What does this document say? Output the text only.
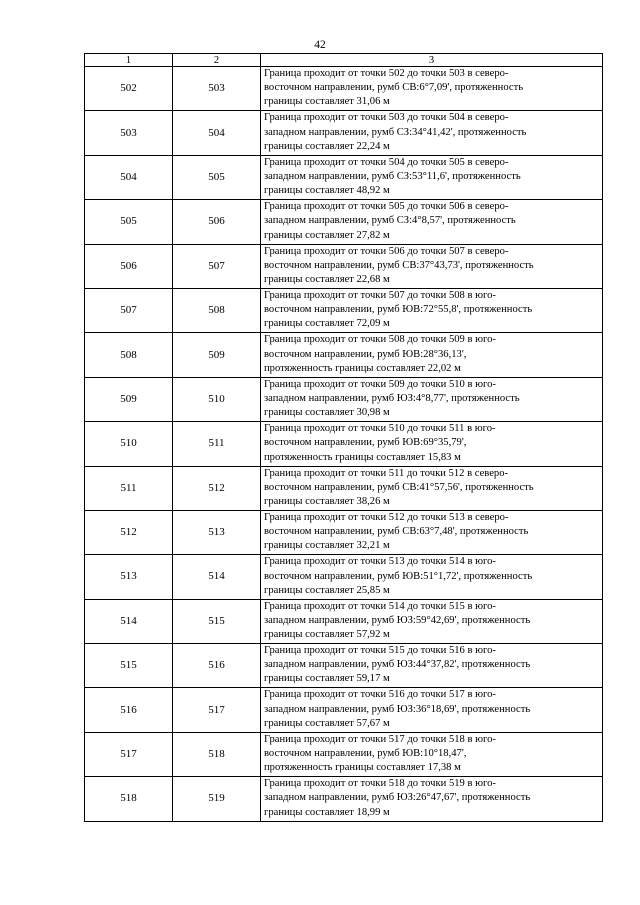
42
1	2	3
502	503	Граница проходит от точки 502 до точки 503 в северо-
восточном направлении, румб СВ:6°7,09', протяженность
границы составляет 31,06 м

503	504	Граница проходит от точки 503 до точки 504 в северо-
западном направлении, румб СЗ:34°41,42', протяженность
границы составляет 22,24 м

504	505	Граница проходит от точки 504 до точки 505 в северо-
западном направлении, румб СЗ:53°11,6', протяженность
границы составляет 48,92 м

505	506	Граница проходит от точки 505 до точки 506 в северо-
западном направлении, румб СЗ:4°8,57', протяженность
границы составляет 27,82 м

506	507	Граница проходит от точки 506 до точки 507 в северо-
восточном направлении, румб СВ:37°43,73', протяженность
границы составляет 22,68 м

507	508	Граница проходит от точки 507 до точки 508 в юго-
восточном направлении, румб ЮВ:72°55,8', протяженность
границы составляет 72,09 м

508	509	Граница проходит от точки 508 до точки 509 в юго-
восточном направлении, румб ЮВ:28°36,13',
протяженность границы составляет 22,02 м

509	510	Граница проходит от точки 509 до точки 510 в юго-
западном направлении, румб ЮЗ:4°8,77', протяженность
границы составляет 30,98 м

510	511	Граница проходит от точки 510 до точки 511 в юго-
восточном направлении, румб ЮВ:69°35,79',
протяженность границы составляет 15,83 м

511	512	Граница проходит от точки 511 до точки 512 в северо-
восточном направлении, румб СВ:41°57,56', протяженность
границы составляет 38,26 м

512	513	Граница проходит от точки 512 до точки 513 в северо-
восточном направлении, румб СВ:63°7,48', протяженность
границы составляет 32,21 м

513	514	Граница проходит от точки 513 до точки 514 в юго-
восточном направлении, румб ЮВ:51°1,72', протяженность
границы составляет 25,85 м

514	515	Граница проходит от точки 514 до точки 515 в юго-
западном направлении, румб ЮЗ:59°42,69', протяженность
границы составляет 57,92 м

515	516	Граница проходит от точки 515 до точки 516 в юго-
западном направлении, румб ЮЗ:44°37,82', протяженность
границы составляет 59,17 м

516	517	Граница проходит от точки 516 до точки 517 в юго-
западном направлении, румб ЮЗ:36°18,69', протяженность
границы составляет 57,67 м

517	518	Граница проходит от точки 517 до точки 518 в юго-
восточном направлении, румб ЮВ:10°18,47',
протяженность границы составляет 17,38 м

518	519	Граница проходит от точки 518 до точки 519 в юго-
западном направлении, румб ЮЗ:26°47,67', протяженность
границы составляет 18,99 м
